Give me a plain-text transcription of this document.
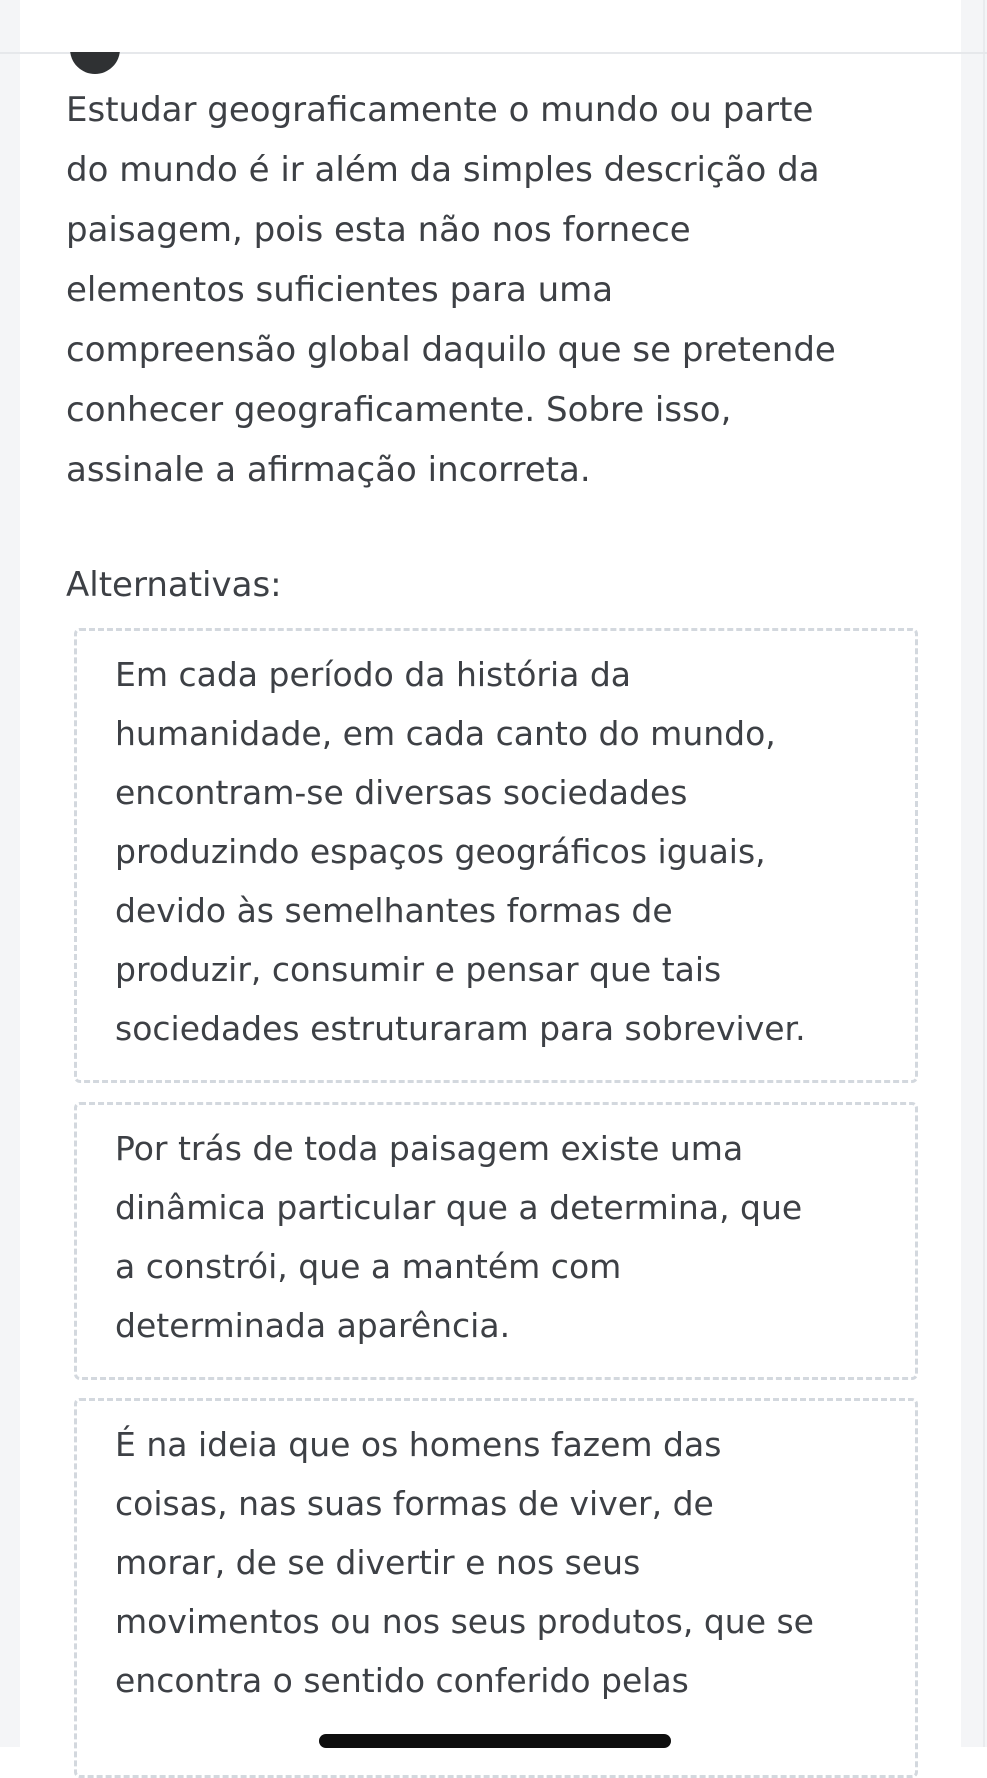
Estudar geograficamente o mundo ou parte
do mundo é ir além da simples descrição da
paisagem, pois esta não nos fornece
elementos suficientes para uma
compreensão global daquilo que se pretende
conhecer geograficamente. Sobre isso,
assinale a afirmação incorreta.

Alternativas:
Em cada período da história da
humanidade, em cada canto do mundo,
encontram-se diversas sociedades
produzindo espaços geográficos iguais,
devido às semelhantes formas de
produzir, consumir e pensar que tais
sociedades estruturaram para sobreviver.
Por trás de toda paisagem existe uma
dinâmica particular que a determina, que
a constrói, que a mantém com
determinada aparência.
É na ideia que os homens fazem das
coisas, nas suas formas de viver, de
morar, de se divertir e nos seus
movimentos ou nos seus produtos, que se
encontra o sentido conferido pelas
